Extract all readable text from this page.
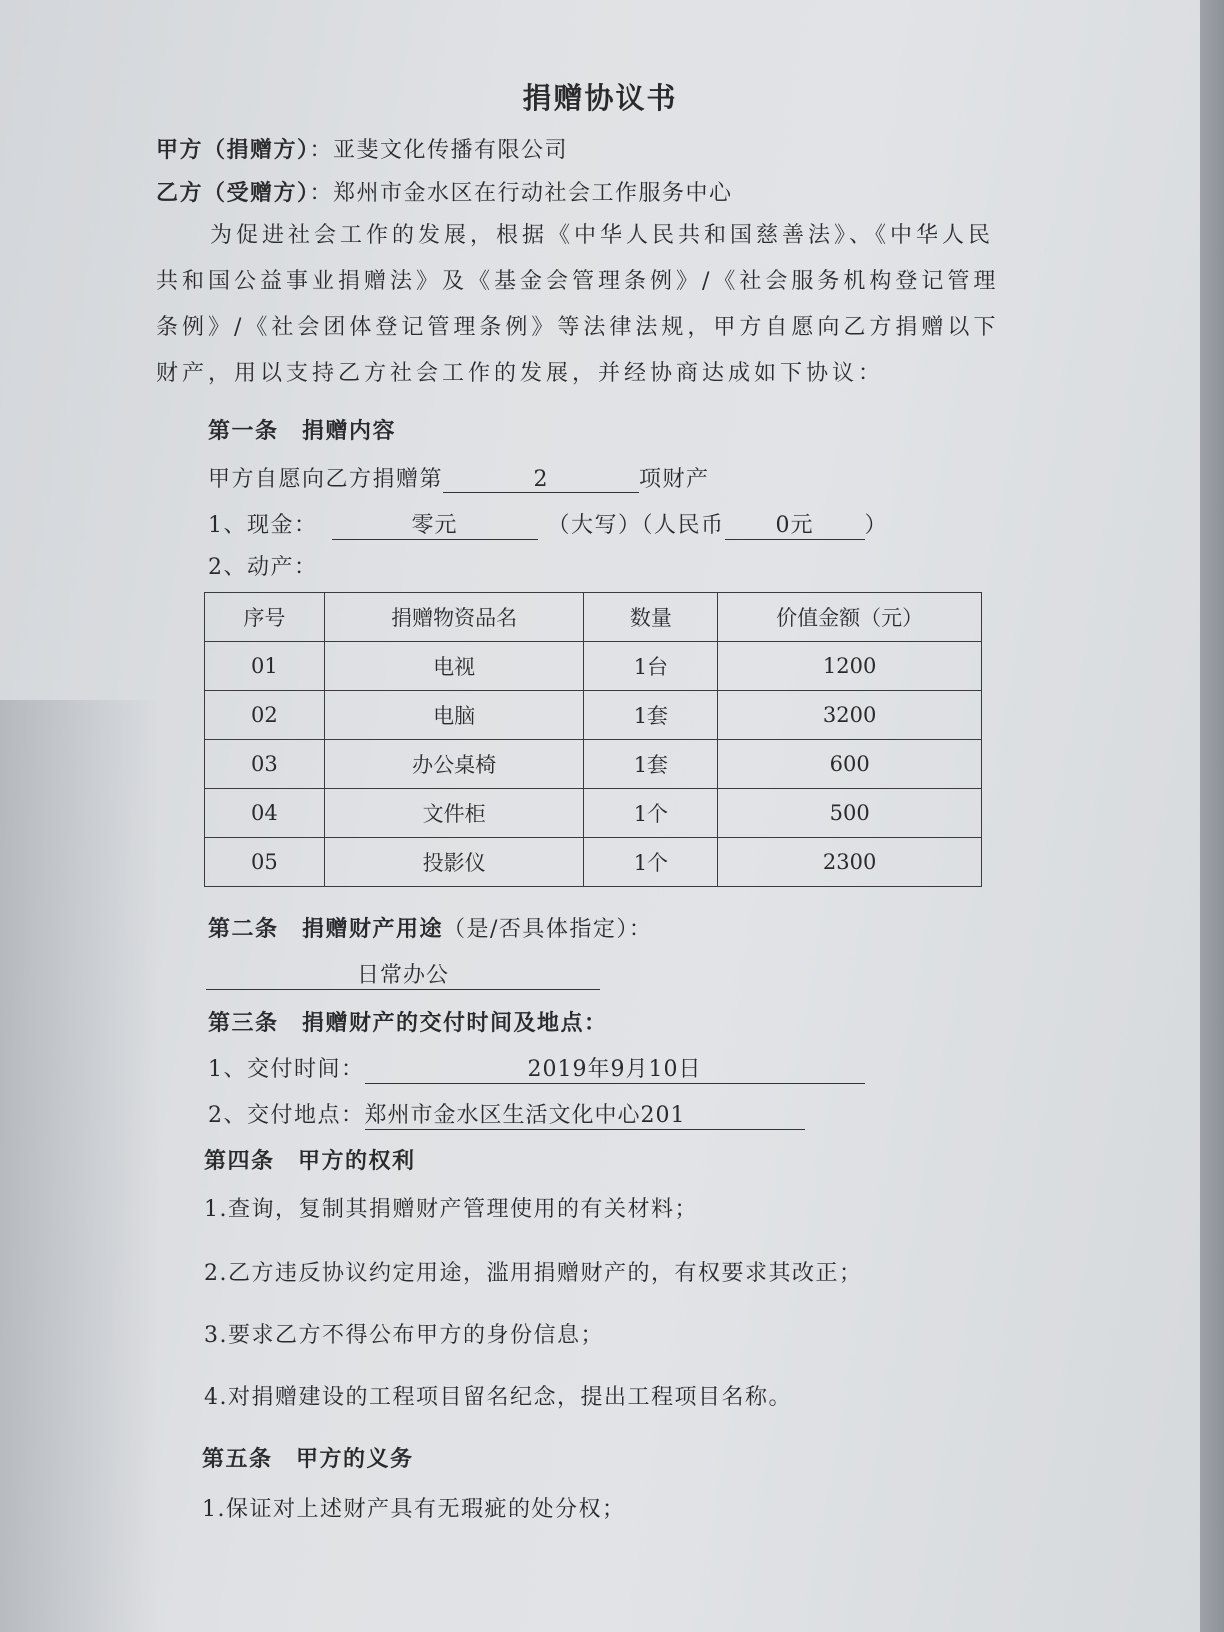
捐赠协议书
甲方（捐赠方）：亚斐文化传播有限公司
乙方（受赠方）：郑州市金水区在行动社会工作服务中心
为促进社会工作的发展，根据《中华人民共和国慈善法》、《中华人民
共和国公益事业捐赠法》及《基金会管理条例》/《社会服务机构登记管理
条例》/《社会团体登记管理条例》等法律法规，甲方自愿向乙方捐赠以下
财产，用以支持乙方社会工作的发展，并经协商达成如下协议：
第一条　捐赠内容
甲方自愿向乙方捐赠第	2	项财产
1、现金：	零元	（大写）（人民币 0元 ）
2、动产：
序号	捐赠物资品名	数量	价值金额（元）
01	电视	1台	1200
02	电脑	1套	3200
03	办公桌椅	1套	600
04	文件柜	1个	500
05	投影仪	1个	2300
第二条　捐赠财产用途（是/否具体指定）：
日常办公
第三条　捐赠财产的交付时间及地点：
1、交付时间：	2019年9月10日
2、交付地点：郑州市金水区生活文化中心201
第四条　甲方的权利
1.查询，复制其捐赠财产管理使用的有关材料；
2.乙方违反协议约定用途，滥用捐赠财产的，有权要求其改正；
3.要求乙方不得公布甲方的身份信息；
4.对捐赠建设的工程项目留名纪念，提出工程项目名称。
第五条　甲方的义务
1.保证对上述财产具有无瑕疵的处分权；
